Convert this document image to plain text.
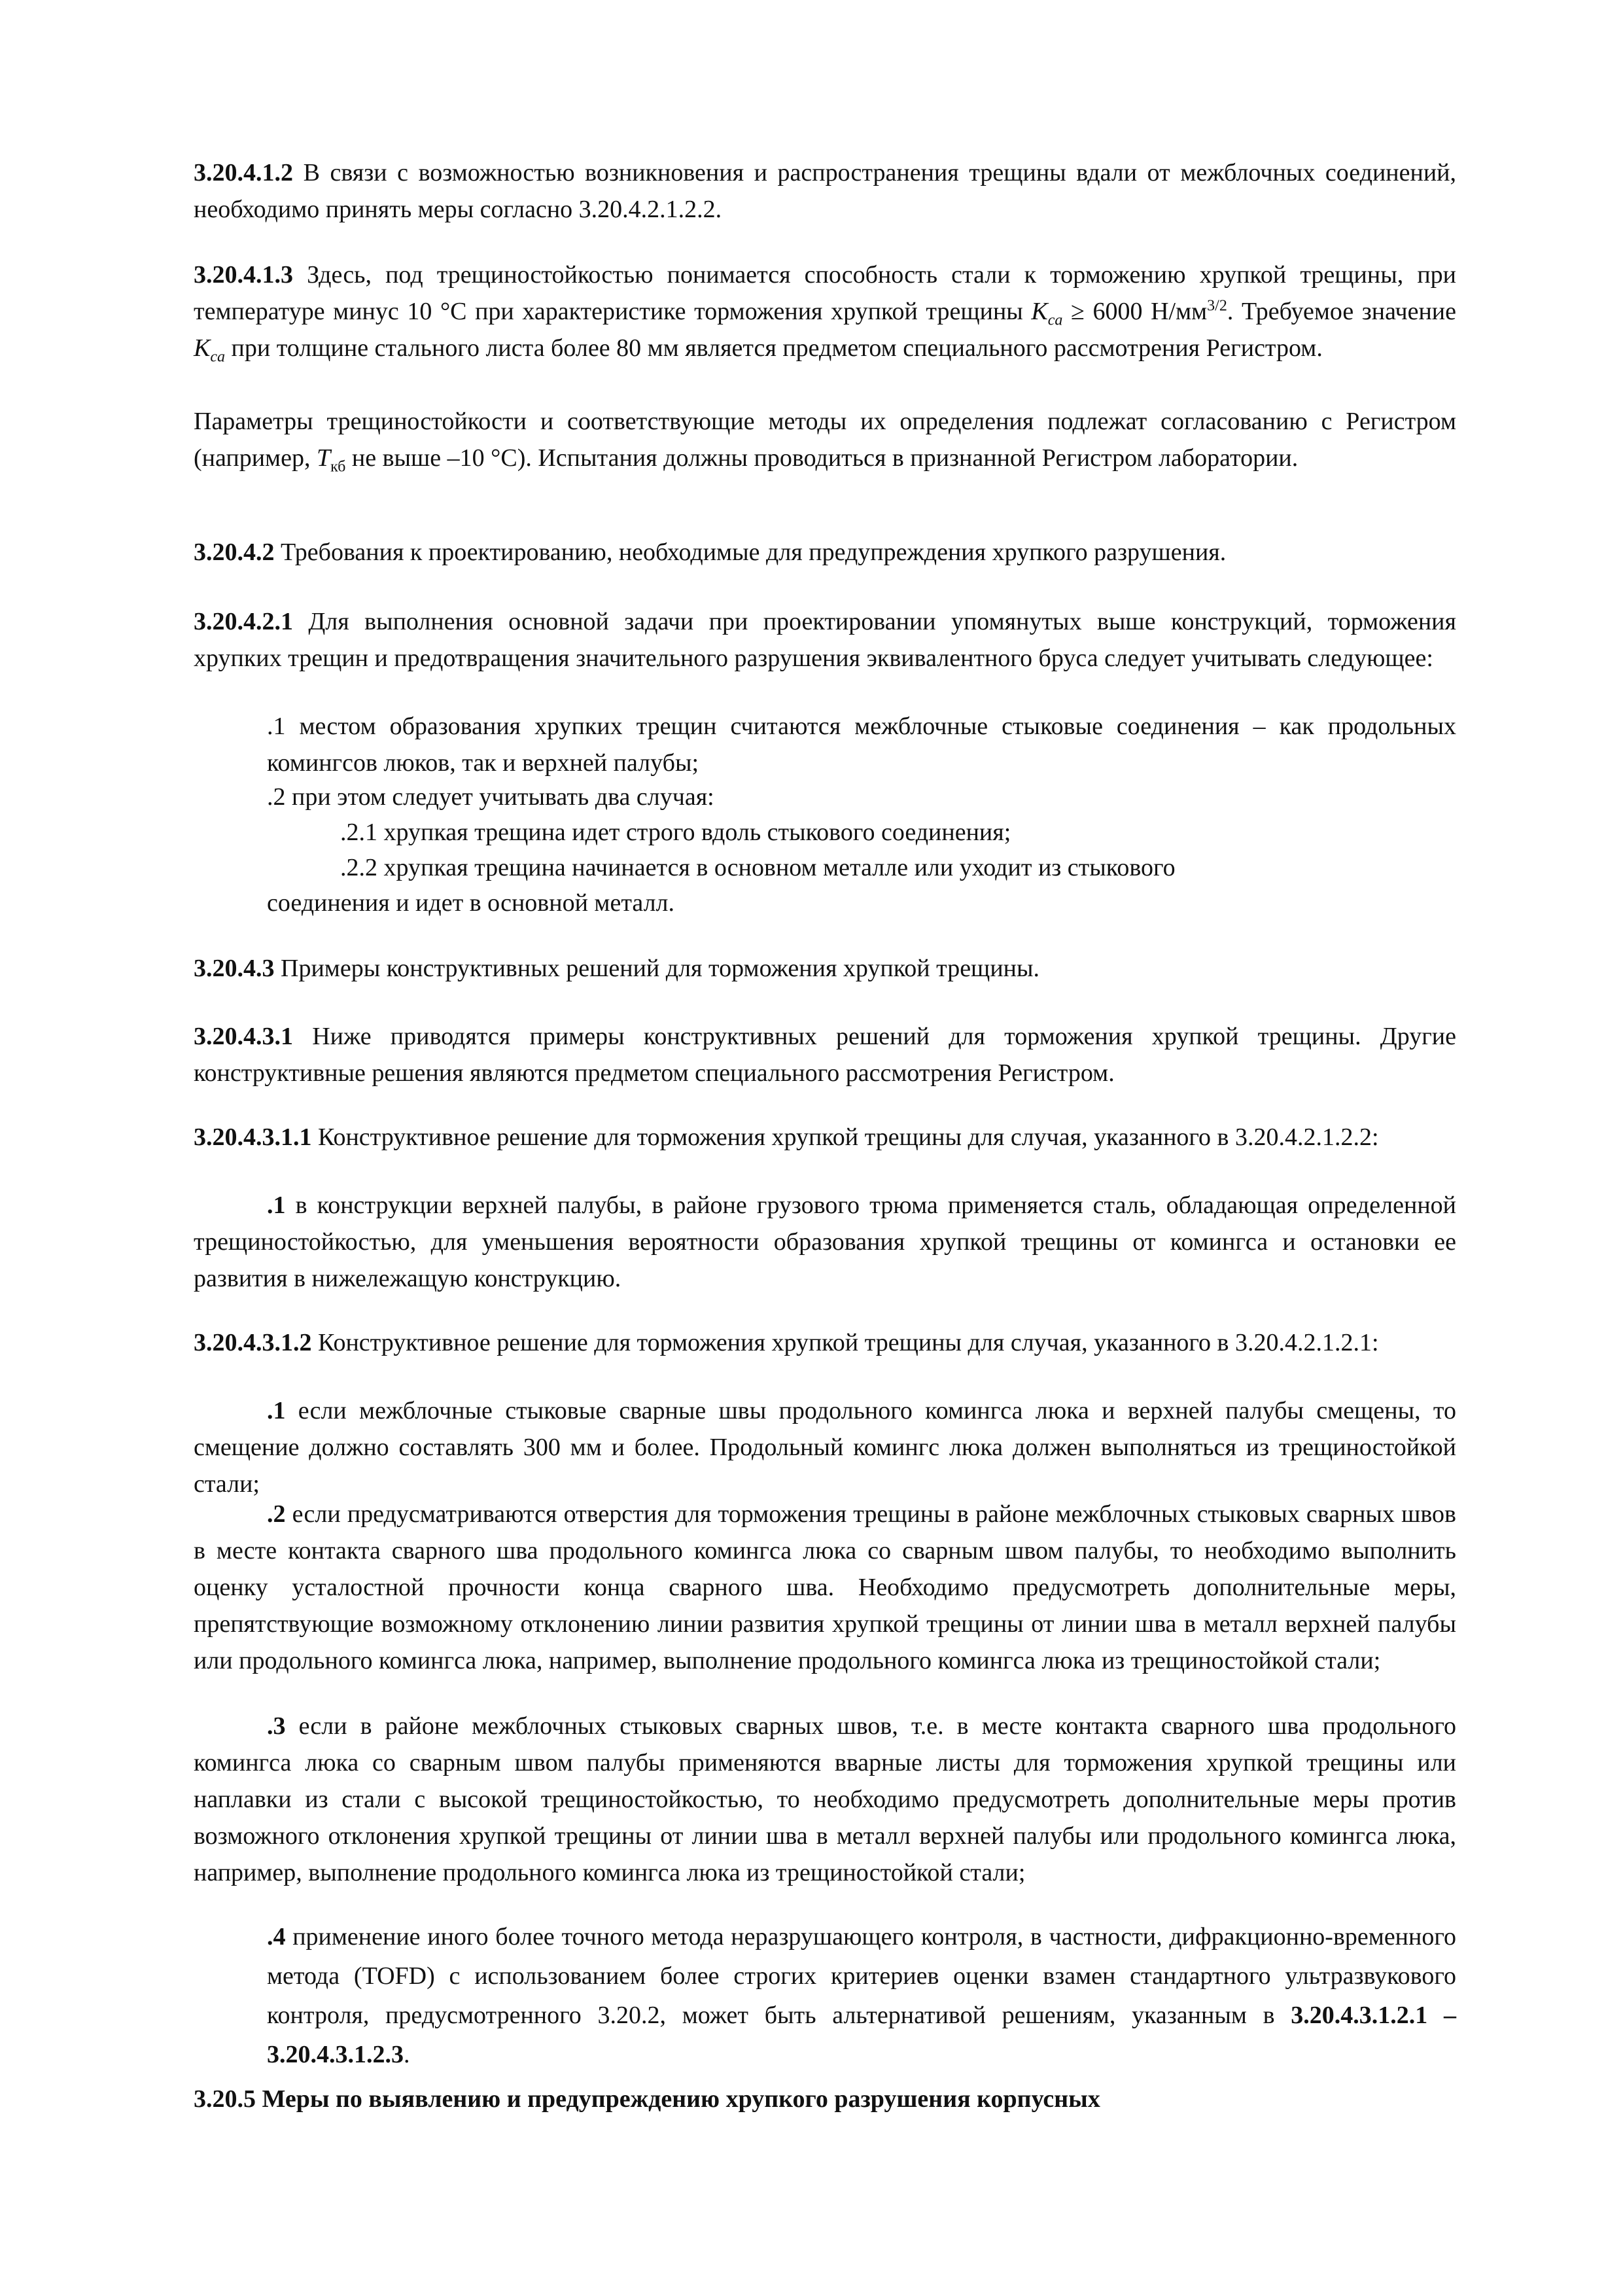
3.20.4.1.2 В связи с возможностью возникновения и распространения трещины вдали от межблочных соединений, необходимо принять меры согласно 3.20.4.2.1.2.2.

3.20.4.1.3 Здесь, под трещиностойкостью понимается способность стали к торможению хрупкой трещины, при температуре минус 10 °С при характеристике торможения хрупкой трещины $K_{ca} \ge 6000$ $Н/мм^{3/2}$. Требуемое значение $K_{ca}$ при толщине стального листа более 80 мм является предметом специального рассмотрения Регистром.

Параметры трещиностойкости и соответствующие методы их определения подлежат согласованию с Регистром (например, $T_{кб}$ не выше –10 °С). Испытания должны проводиться в признанной Регистром лаборатории.

3.20.4.2 Требования к проектированию, необходимые для предупреждения хрупкого разрушения.

3.20.4.2.1 Для выполнения основной задачи при проектировании упомянутых выше конструкций, торможения хрупких трещин и предотвращения значительного разрушения эквивалентного бруса следует учитывать следующее:

.1 местом образования хрупких трещин считаются межблочные стыковые соединения – как продольных комингсов люков, так и верхней палубы;

.2 при этом следует учитывать два случая:

.2.1 хрупкая трещина идет строго вдоль стыкового соединения;

.2.2 хрупкая трещина начинается в основном металле или уходит из стыкового

соединения и идет в основной металл.

3.20.4.3 Примеры конструктивных решений для торможения хрупкой трещины.

3.20.4.3.1 Ниже приводятся примеры конструктивных решений для торможения хрупкой трещины. Другие конструктивные решения являются предметом специального рассмотрения Регистром.

3.20.4.3.1.1 Конструктивное решение для торможения хрупкой трещины для случая, указанного в 3.20.4.2.1.2.2:

.1 в конструкции верхней палубы, в районе грузового трюма применяется сталь, обладающая определенной трещиностойкостью, для уменьшения вероятности образования хрупкой трещины от комингса и остановки ее развития в нижележащую конструкцию.

3.20.4.3.1.2 Конструктивное решение для торможения хрупкой трещины для случая, указанного в 3.20.4.2.1.2.1:

.1 если межблочные стыковые сварные швы продольного комингса люка и верхней палубы смещены, то смещение должно составлять 300 мм и более. Продольный комингс люка должен выполняться из трещиностойкой стали;

.2 если предусматриваются отверстия для торможения трещины в районе межблочных стыковых сварных швов в месте контакта сварного шва продольного комингса люка со сварным швом палубы, то необходимо выполнить оценку усталостной прочности конца сварного шва. Необходимо предусмотреть дополнительные меры, препятствующие возможному отклонению линии развития хрупкой трещины от линии шва в металл верхней палубы или продольного комингса люка, например, выполнение продольного комингса люка из трещиностойкой стали;

.3 если в районе межблочных стыковых сварных швов, т.е. в месте контакта сварного шва продольного комингса люка со сварным швом палубы применяются вварные листы для торможения хрупкой трещины или наплавки из стали с высокой трещиностойкостью, то необходимо предусмотреть дополнительные меры против возможного отклонения хрупкой трещины от линии шва в металл верхней палубы или продольного комингса люка, например, выполнение продольного комингса люка из трещиностойкой стали;

.4 применение иного более точного метода неразрушающего контроля, в частности, дифракционно-временного метода (TOFD) с использованием более строгих критериев оценки взамен стандартного ультразвукового контроля, предусмотренного 3.20.2, может быть альтернативой решениям, указанным в 3.20.4.3.1.2.1 – 3.20.4.3.1.2.3.

3.20.5 Меры по выявлению и предупреждению хрупкого разрушения корпусных
